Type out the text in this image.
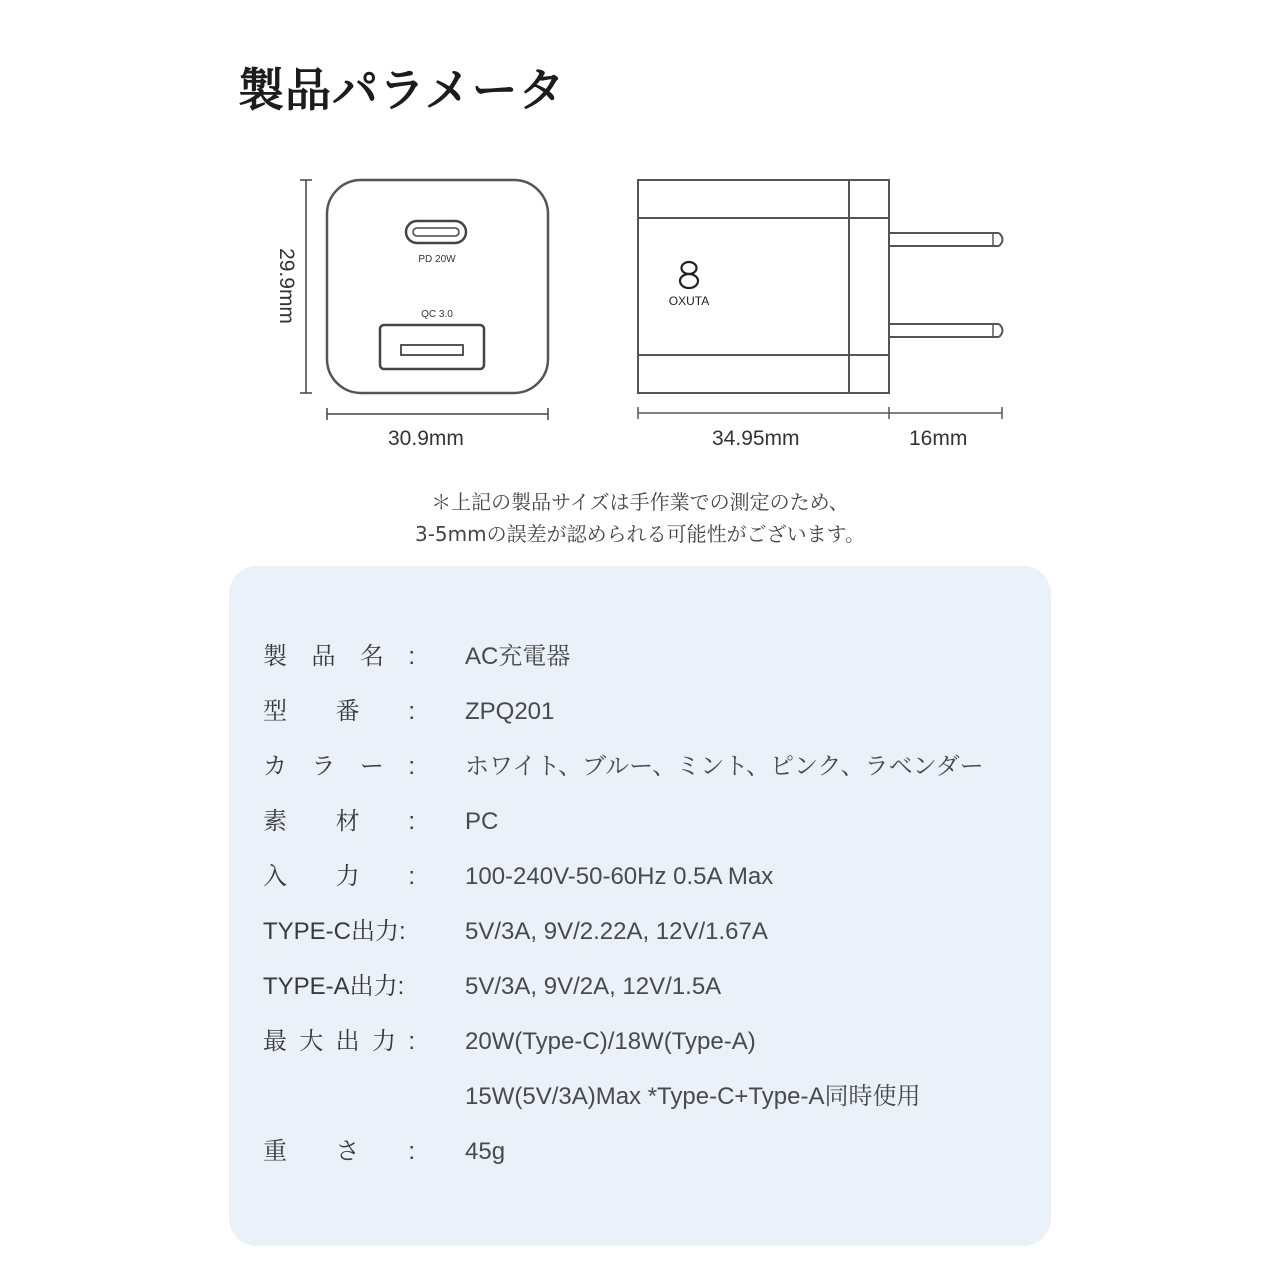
製品パラメータ
PD 20W
QC 3.0
OXUTA
29.9mm
30.9mm	34.95mm	16mm
＊上記の製品サイズは手作業での測定のため、
3-5mmの誤差が認められる可能性がございます。
製 品 名 : AC充電器
型 番 : ZPQ201
カ ラ ー : ホワイト、ブルー、ミント、ピンク、ラベンダー
素 材 : PC
入 力 : 100-240V-50-60Hz 0.5A Max
TYPE-C出力:	5V/3A, 9V/2.22A, 12V/1.67A
TYPE-A出力:	5V/3A, 9V/2A, 12V/1.5A
最 大 出 力 : 20W(Type-C)/18W(Type-A)
15W(5V/3A)Max *Type-C+Type-A同時使用
重 さ : 45g
